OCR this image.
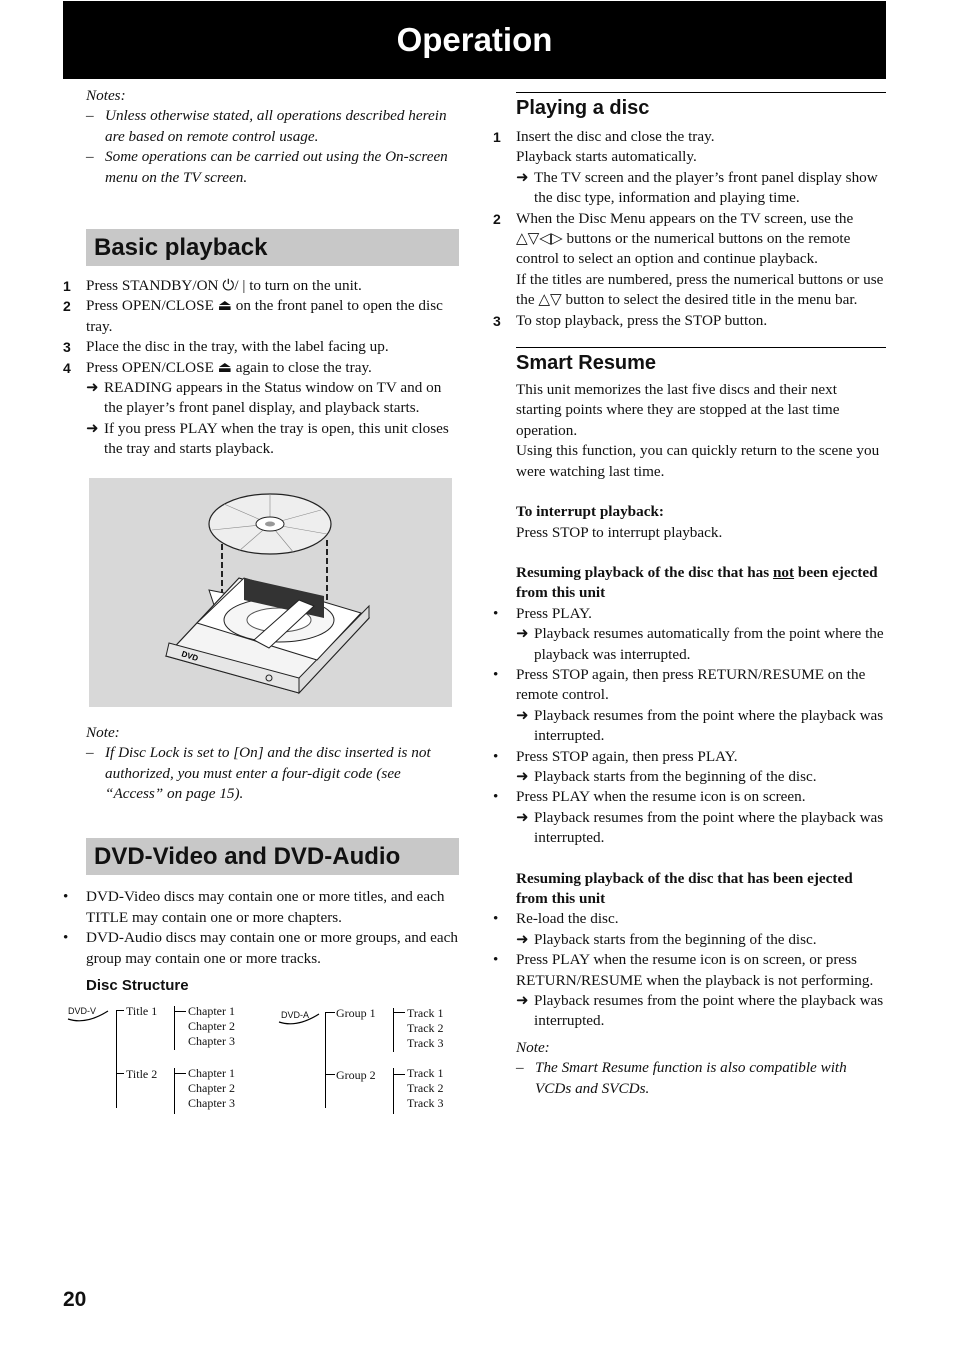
Operation

Notes:

– Unless otherwise stated, all operations described herein are based on remote control usage.
– Some operations can be carried out using the On-screen menu on the TV screen.
Basic playback
1 Press STANDBY/ON ⏻/ | to turn on the unit.
2 Press OPEN/CLOSE ⏏ on the front panel to open the disc tray.
3 Place the disc in the tray, with the label facing up.
4 Press OPEN/CLOSE ⏏ again to close the tray.
➜ READING appears in the Status window on TV and on the player’s front panel display, and playback starts.
➜ If you press PLAY when the tray is open, this unit closes the tray and starts playback.
DVD

Note:

– If Disc Lock is set to [On] and the disc inserted is not authorized, you must enter a four-digit code (see “Access” on page 15).
DVD-Video and DVD-Audio
• DVD-Video discs may contain one or more titles, and each TITLE may contain one or more chapters.
• DVD-Audio discs may contain one or more groups, and each group may contain one or more tracks.
Disc Structure
DVD-V Title 1
Title 2
Chapter 1
Chapter 2
Chapter 3
Chapter 1
Chapter 2
Chapter 3
DVD-A Group 1
Group 2
Track 1
Track 2
Track 3
Track 1
Track 2
Track 3
Playing a disc
1 Insert the disc and close the tray.

Playback starts automatically.

➜ The TV screen and the player’s front panel display show the disc type, information and playing time.
2 When the Disc Menu appears on the TV screen, use the △▽◁▷ buttons or the numerical buttons on the remote control to select an option and continue playback.

If the titles are numbered, press the numerical buttons or use the △▽ button to select the desired title in the menu bar.

3 To stop playback, press the STOP button.

Smart Resume

This unit memorizes the last five discs and their next starting points where they are stopped at the last time operation.

Using this function, you can quickly return to the scene you were watching last time.

To interrupt playback:

Press STOP to interrupt playback.

Resuming playback of the disc that has not been ejected from this unit

• Press PLAY.

➜ Playback resumes automatically from the point where the playback was interrupted.
• Press STOP again, then press RETURN/RESUME on the remote control.

➜ Playback resumes from the point where the playback was interrupted.
• Press STOP again, then press PLAY.

➜ Playback starts from the beginning of the disc.
• Press PLAY when the resume icon is on screen.

➜ Playback resumes from the point where the playback was interrupted.
Resuming playback of the disc that has been ejected from this unit
• Re-load the disc.

➜ Playback starts from the beginning of the disc.
• Press PLAY when the resume icon is on screen, or press RETURN/RESUME when the playback is not performing.

➜ Playback resumes from the point where the playback was interrupted.

Note:

– The Smart Resume function is also compatible with VCDs and SVCDs.
20
